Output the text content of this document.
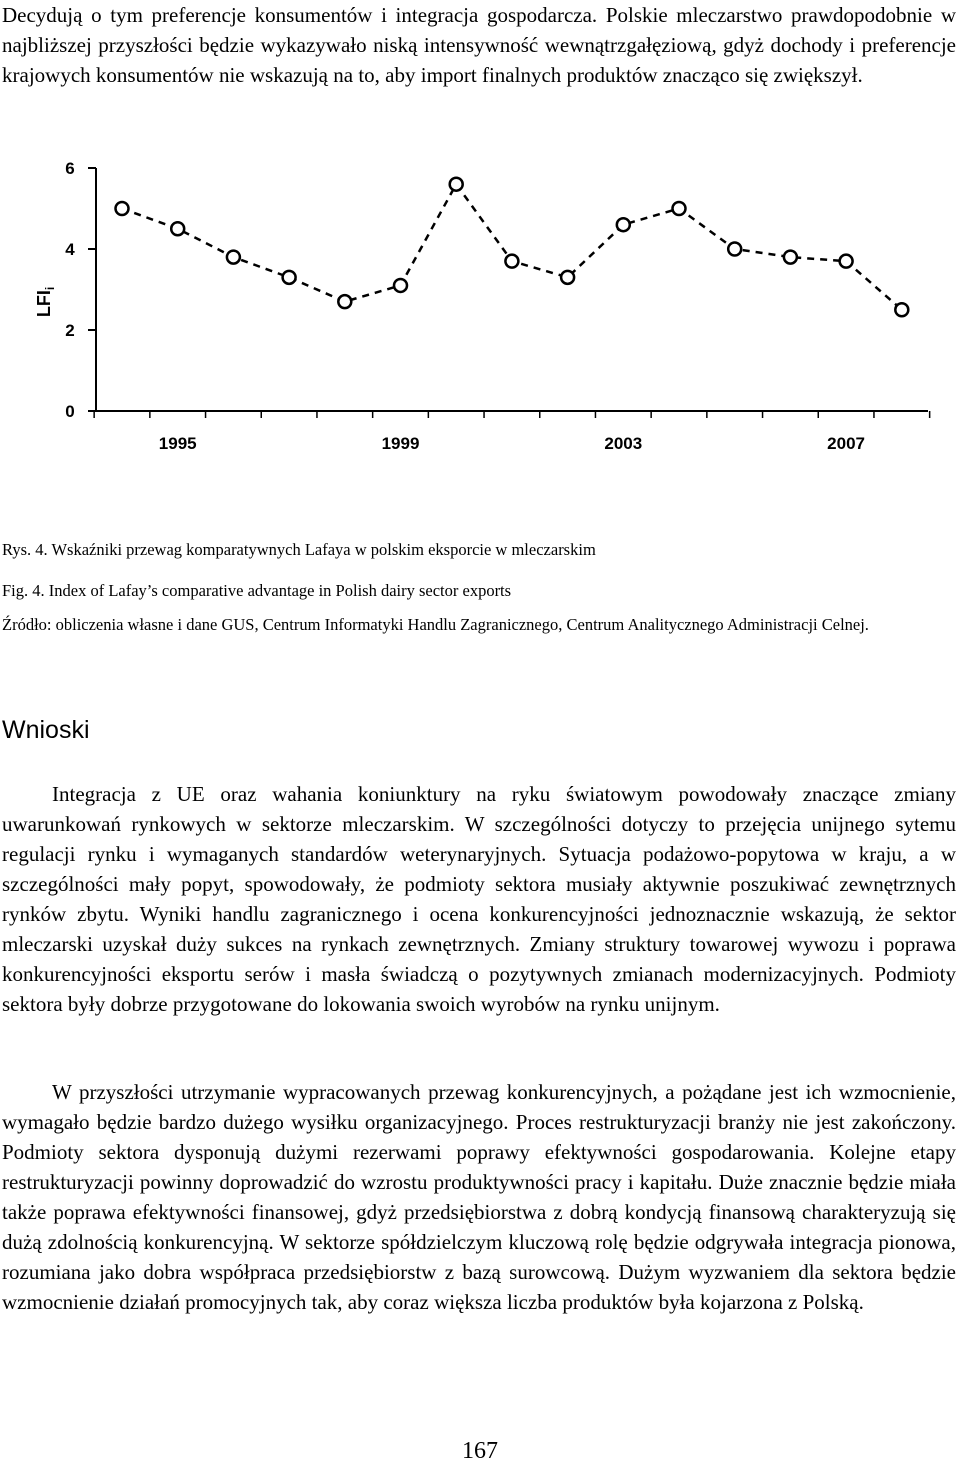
Decydują o tym preferencje konsumentów i integracja gospodarcza. Polskie mleczarstwo prawdopodobnie w najbliższej przyszłości będzie wykazywało niską intensywność wewnątrzgałęziową, gdyż dochody i preferencje krajowych konsumentów nie wskazują na to, aby import finalnych produktów znacząco się zwiększył.

0
2
4
6
1995	1999	2003	2007
$LFI_i$

Rys. 4. Wskaźniki przewag komparatywnych Lafaya w polskim eksporcie w mleczarskim

Fig. 4. Index of Lafay’s comparative advantage in Polish dairy sector exports

Źródło: obliczenia własne i dane GUS, Centrum Informatyki Handlu Zagranicznego, Centrum Analitycznego Administracji Celnej.

Wnioski

Integracja z UE oraz wahania koniunktury na ryku światowym powodowały znaczące zmiany uwarunkowań rynkowych w sektorze mleczarskim. W szczególności dotyczy to przejęcia unijnego sytemu regulacji rynku i wymaganych standardów weterynaryjnych. Sytuacja podażowo-popytowa w kraju, a w szczególności mały popyt, spowodowały, że podmioty sektora musiały aktywnie poszukiwać zewnętrznych rynków zbytu. Wyniki handlu zagranicznego i ocena konkurencyjności jednoznacznie wskazują, że sektor mleczarski uzyskał duży sukces na rynkach zewnętrznych. Zmiany struktury towarowej wywozu i poprawa konkurencyjności eksportu serów i masła świadczą o pozytywnych zmianach modernizacyjnych. Podmioty sektora były dobrze przygotowane do lokowania swoich wyrobów na rynku unijnym.

W przyszłości utrzymanie wypracowanych przewag konkurencyjnych, a pożądane jest ich wzmocnienie, wymagało będzie bardzo dużego wysiłku organizacyjnego. Proces restrukturyzacji branży nie jest zakończony. Podmioty sektora dysponują dużymi rezerwami poprawy efektywności gospodarowania. Kolejne etapy restrukturyzacji powinny doprowadzić do wzrostu produktywności pracy i kapitału. Duże znacznie będzie miała także poprawa efektywności finansowej, gdyż przedsiębiorstwa z dobrą kondycją finansową charakteryzują się dużą zdolnością konkurencyjną. W sektorze spółdzielczym kluczową rolę będzie odgrywała integracja pionowa, rozumiana jako dobra współpraca przedsiębiorstw z bazą surowcową. Dużym wyzwaniem dla sektora będzie wzmocnienie działań promocyjnych tak, aby coraz większa liczba produktów była kojarzona z Polską.

167
